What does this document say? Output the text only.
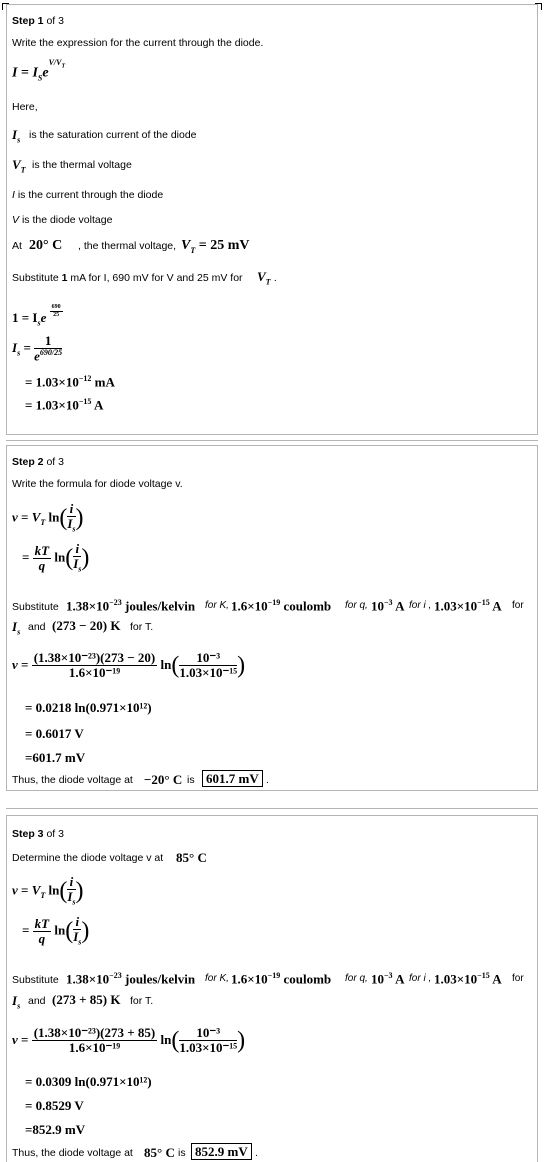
Step 1 of 3
Write the expression for the current through the diode.
$I = I_Se^{V/V_T}$
Here,
$I_s$ is the saturation current of the diode
$V_T$ is the thermal voltage
I is the current through the diode
V is the diode voltage
At 20° C , the thermal voltage, $V_T = 25$ mV
Substitute 1 mA for I, 690 mV for V and 25 mV for $V_T$ .
$1 = I_se \frac{690}{25}$
$I_s = \frac{1}{e^{690/25}}$
= $1.03\times 10^{-12}$ mA
= $1.03\times 10^{-15}$ A
Step 2 of 3
Write the formula for diode voltage v.
$v = V_T$ $\ln( \frac{i}{I_s}$ )
= $\frac{kT}{q} \ln( \frac{i}{I_s}$ )
Substitute $1.38\times 10^{-23}$ joules/kelvin for K, $1.6\times 10^{-19}$ coulomb for q, $10^{-3}$ A for i , $1.03\times 10^{-15}$ A for
$I_s$ and (273 − 20) K for T.
$v = \frac{\text{(1.38×10⁻²³)(273 − 20)}}{\text{1.6×10⁻¹⁹}} \ln( \frac{\text{10⁻³}}{\text{1.03×10⁻¹⁵}}$ )
= 0.0218 ln(0.971×10¹²)
= 0.6017 V
=601.7 mV
Thus, the diode voltage at −20° C is 601.7 mV .
Step 3 of 3
Determine the diode voltage v at 85° C
$v = V_T$ $\ln( \frac{i}{I_s}$ )
= $\frac{kT}{q} \ln( \frac{i}{I_s}$ )
Substitute $1.38\times 10^{-23}$ joules/kelvin for K, $1.6\times 10^{-19}$ coulomb for q, $10^{-3}$ A for i , $1.03\times 10^{-15}$ A for
$I_s$ and (273 + 85) K for T.
$v = \frac{\text{(1.38×10⁻²³)(273 + 85)}}{\text{1.6×10⁻¹⁹}} \ln( \frac{\text{10⁻³}}{\text{1.03×10⁻¹⁵}}$ )
= 0.0309 ln(0.971×10¹²)
= 0.8529 V
=852.9 mV
Thus, the diode voltage at 85° C is 852.9 mV .
